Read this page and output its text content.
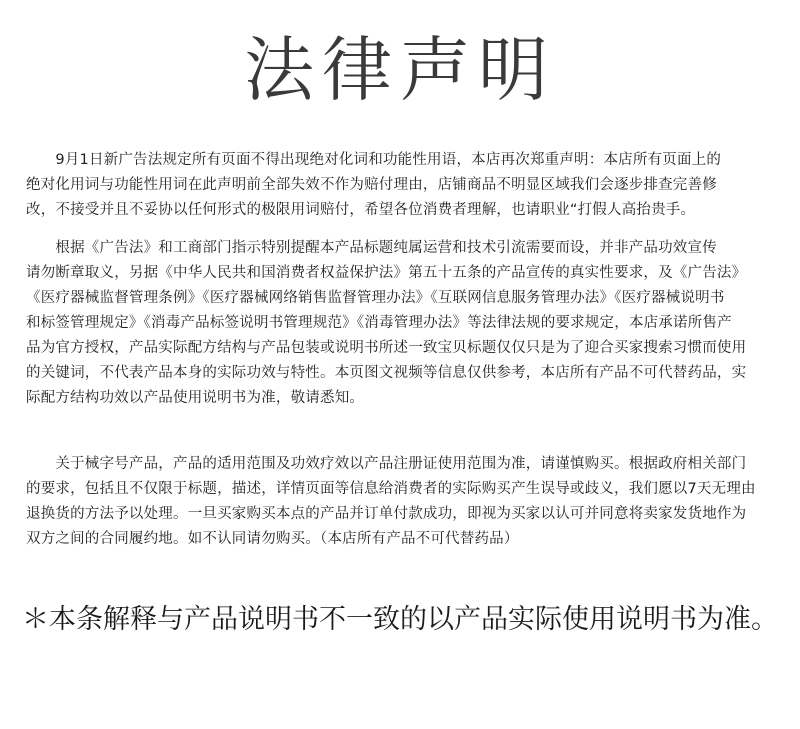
法律声明
　　9月1日新广告法规定所有页面不得出现绝对化词和功能性用语，本店再次郑重声明：本店所有页面上的
绝对化用词与功能性用词在此声明前全部失效不作为赔付理由，店铺商品不明显区域我们会逐步排查完善修
改，不接受并且不妥协以任何形式的极限用词赔付，希望各位消费者理解，也请职业“打假人高抬贵手。
　　根据《广告法》和工商部门指示特别提醒本产品标题纯属运营和技术引流需要而设，并非产品功效宣传
请勿断章取义，另据《中华人民共和国消费者权益保护法》第五十五条的产品宣传的真实性要求，及《广告法》
《医疗器械监督管理条例》《医疗器械网络销售监督管理办法》《互联网信息服务管理办法》《医疗器械说明书
和标签管理规定》《消毒产品标签说明书管理规范》《消毒管理办法》等法律法规的要求规定，本店承诺所售产
品为官方授权，产品实际配方结构与产品包装或说明书所述一致宝贝标题仅仅只是为了迎合买家搜索习惯而使用
的关键词，不代表产品本身的实际功效与特性。本页图文视频等信息仅供参考，本店所有产品不可代替药品，实
际配方结构功效以产品使用说明书为准，敬请悉知。
　　关于械字号产品，产品的适用范围及功效疗效以产品注册证使用范围为准，请谨慎购买。根据政府相关部门
的要求，包括且不仅限于标题，描述，详情页面等信息给消费者的实际购买产生误导或歧义，我们愿以7天无理由
退换货的方法予以处理。一旦买家购买本点的产品并订单付款成功，即视为买家以认可并同意将卖家发货地作为
双方之间的合同履约地。如不认同请勿购买。（本店所有产品不可代替药品）
＊本条解释与产品说明书不一致的以产品实际使用说明书为准。
